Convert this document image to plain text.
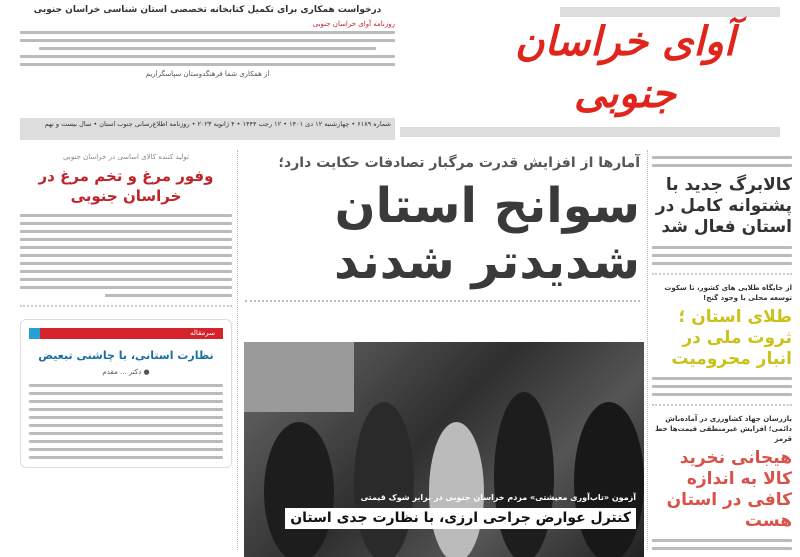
درخواست همکاری برای تکمیل کتابخانه تخصصی استان شناسی خراسان جنوبی
روزنامه آوای خراسان جنوبی
از همکاری شما فرهنگدوستان سپاسگزاریم
شماره ۶۱۸۹ • چهارشنبه ۱۲ دی ۱۴۰۱ • ۱۲ رجب ۱۴۴۴ • ۴ ژانویه ۲۰۲۳ • روزنامه اطلاع‌رسانی جنوب استان • سال بیست و نهم
آوای خراسان جنوبی
آمارها از افزایش قدرت مرگبار تصادفات حکایت دارد؛
سوانح استان
شدیدتر شدند
آزمون «تاب‌آوری معیشتی» مردم خراسان جنوبی در برابر شوک قیمتی
کنترل عوارض جراحی ارزی، با نظارت جدی استان
کالابرگ جدید با پشتوانه کامل در استان فعال شد
از جایگاه طلایی های کشور، تا سکوت توسعه محلی با وجود گنج!
طلای استان ؛ ثروت ملی در انبار محرومیت
بازرسان جهاد کشاورزی در آماده‌باش دائمی؛ افزایش غیرمنطقی قیمت‌ها خط قرمز
هیجانی نخرید کالا به اندازه کافی در استان هست
تولید کننده کالای اساسی در خراسان جنوبی
وفور مرغ و تخم مرغ در خراسان جنوبی
سرمقاله
نظارت استانی، با چاشنی تبعیض
● دکتر ... مقدم
